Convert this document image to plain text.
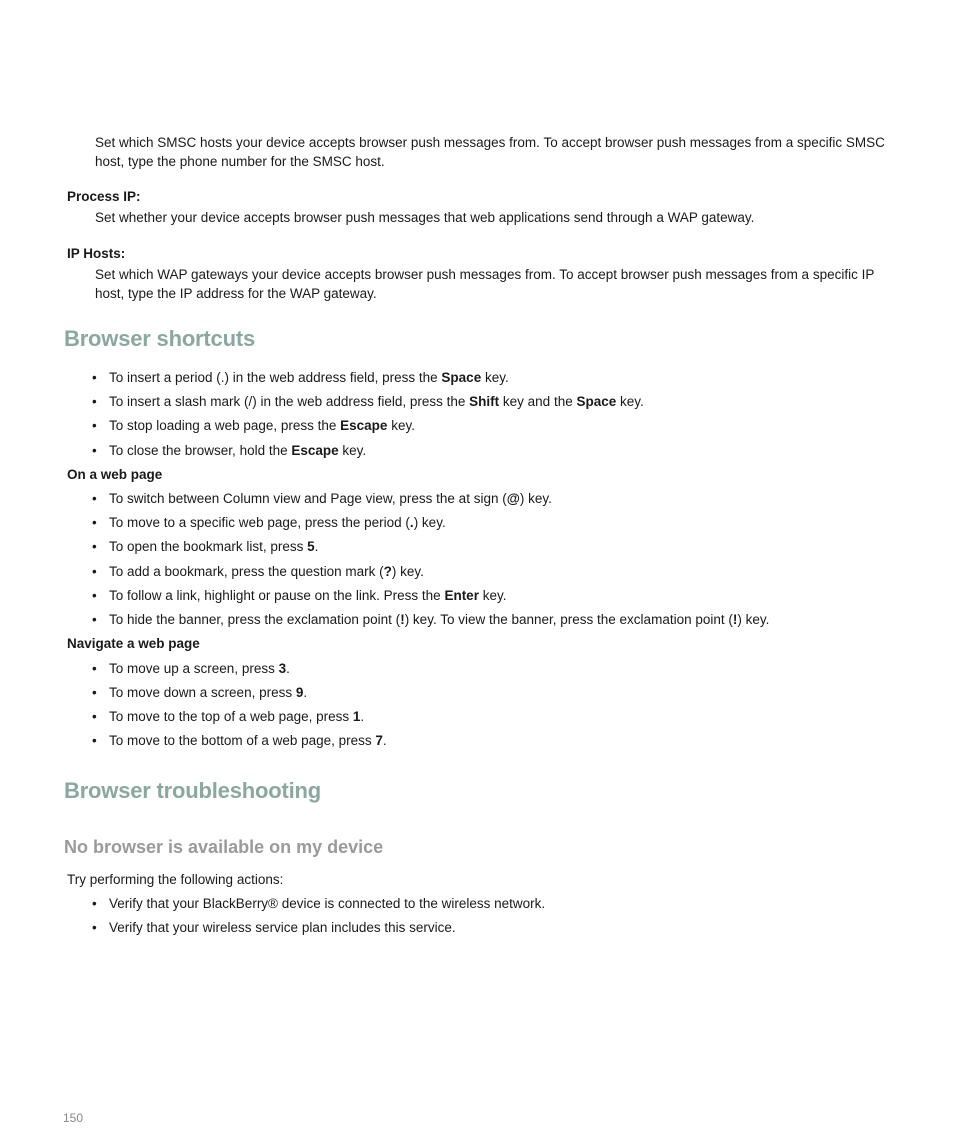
Set which SMSC hosts your device accepts browser push messages from. To accept browser push messages from a specific SMSC host, type the phone number for the SMSC host.
Process IP:
Set whether your device accepts browser push messages that web applications send through a WAP gateway.
IP Hosts:
Set which WAP gateways your device accepts browser push messages from. To accept browser push messages from a specific IP host, type the IP address for the WAP gateway.
Browser shortcuts
• To insert a period (.) in the web address field, press the Space key.
• To insert a slash mark (/) in the web address field, press the Shift key and the Space key.
• To stop loading a web page, press the Escape key.
• To close the browser, hold the Escape key.
On a web page
• To switch between Column view and Page view, press the at sign (@) key.
• To move to a specific web page, press the period (.) key.
• To open the bookmark list, press 5.
• To add a bookmark, press the question mark (?) key.
• To follow a link, highlight or pause on the link. Press the Enter key.
• To hide the banner, press the exclamation point (!) key. To view the banner, press the exclamation point (!) key.
Navigate a web page
• To move up a screen, press 3.
• To move down a screen, press 9.
• To move to the top of a web page, press 1.
• To move to the bottom of a web page, press 7.
Browser troubleshooting
No browser is available on my device
Try performing the following actions:
• Verify that your BlackBerry® device is connected to the wireless network.
• Verify that your wireless service plan includes this service.
150
